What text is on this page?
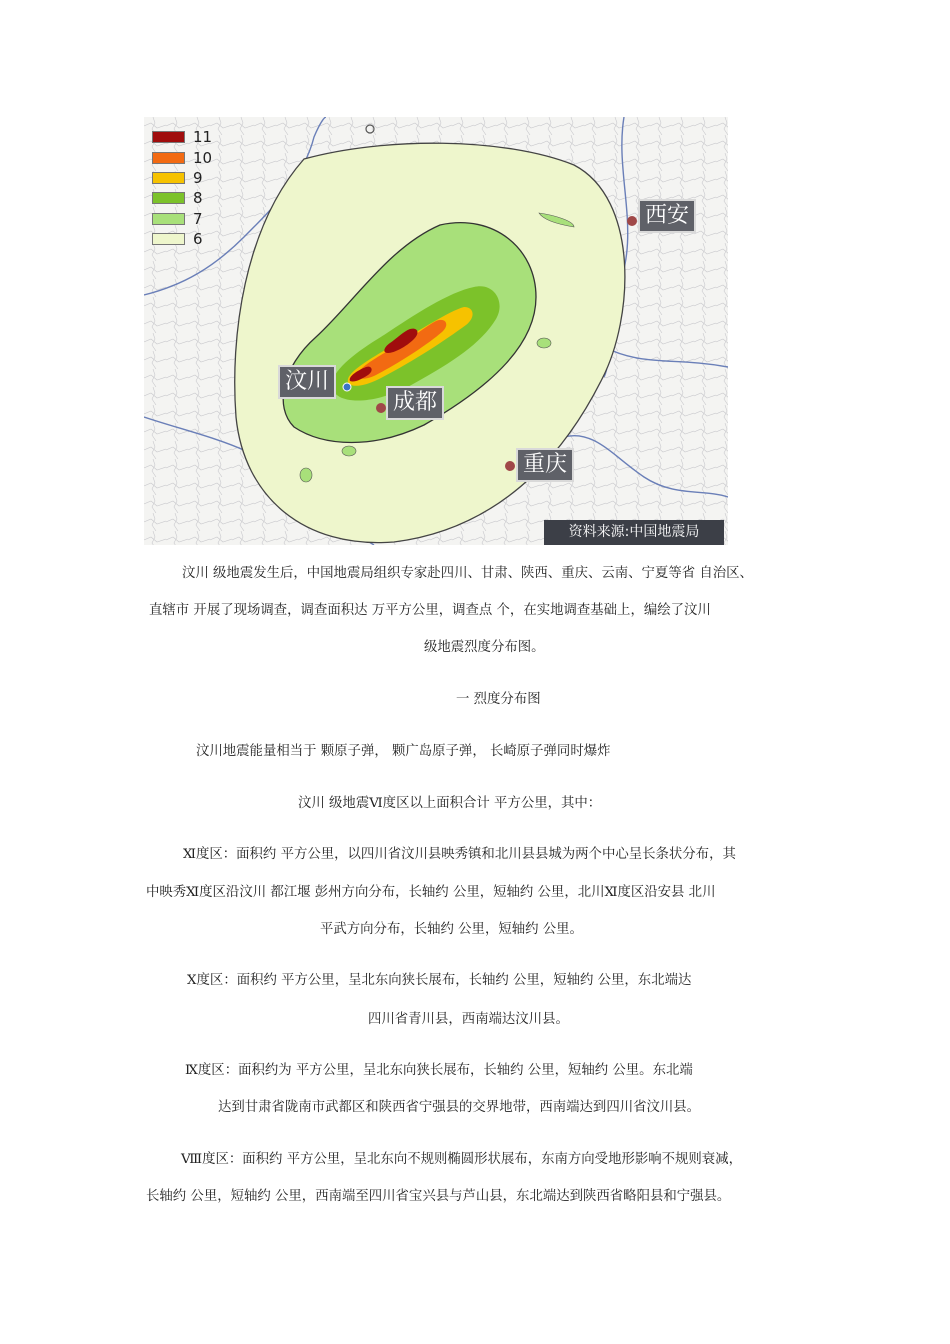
11
10
9
8
7
6
西安
汶川
成都
重庆
资料来源:中国地震局
汶川 级地震发生后，中国地震局组织专家赴四川、甘肃、陕西、重庆、云南、宁夏等省 自治区、
直辖市 开展了现场调查，调查面积达 万平方公里，调查点 个，在实地调查基础上，编绘了汶川
级地震烈度分布图。
一 烈度分布图
汶川地震能量相当于 颗原子弹， 颗广岛原子弹， 长崎原子弹同时爆炸
汶川 级地震Ⅵ度区以上面积合计 平方公里，其中：
Ⅺ度区：面积约 平方公里，以四川省汶川县映秀镇和北川县县城为两个中心呈长条状分布，其
中映秀Ⅺ度区沿汶川 都江堰 彭州方向分布，长轴约 公里，短轴约 公里，北川Ⅺ度区沿安县 北川
平武方向分布，长轴约 公里，短轴约 公里。
Ⅹ度区：面积约 平方公里，呈北东向狭长展布，长轴约 公里，短轴约 公里，东北端达
四川省青川县，西南端达汶川县。
Ⅸ度区：面积约为 平方公里，呈北东向狭长展布，长轴约 公里，短轴约 公里。东北端
达到甘肃省陇南市武都区和陕西省宁强县的交界地带，西南端达到四川省汶川县。
Ⅷ度区：面积约 平方公里，呈北东向不规则椭圆形状展布，东南方向受地形影响不规则衰减，
长轴约 公里，短轴约 公里，西南端至四川省宝兴县与芦山县，东北端达到陕西省略阳县和宁强县。
